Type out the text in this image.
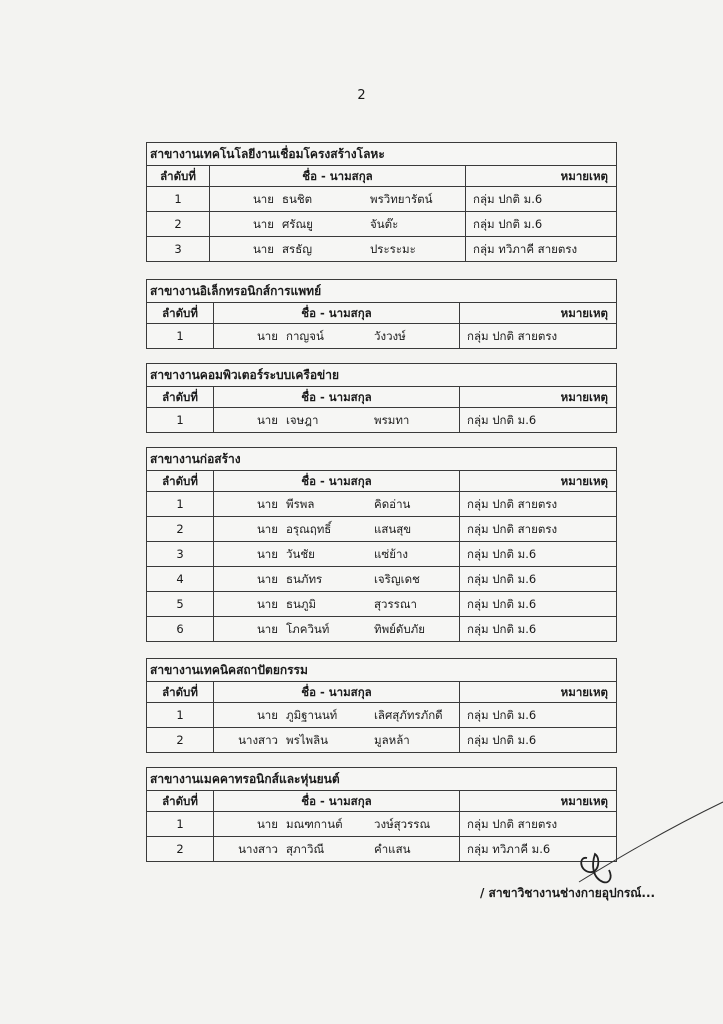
2
สาขางานเทคโนโลยีงานเชื่อมโครงสร้างโลหะ
ลำดับที่	ชื่อ - นามสกุล	หมายเหตุ
1	นาย ธนชิต	พรวิทยารัตน์	กลุ่ม ปกติ ม.6
2	นาย ศรัณยู	จันต๊ะ	กลุ่ม ปกติ ม.6
3	นาย สรธัญ	ประระมะ	กลุ่ม ทวิภาคี สายตรง
สาขางานอิเล็กทรอนิกส์การแพทย์
ลำดับที่	ชื่อ - นามสกุล	หมายเหตุ
1	นาย กาญจน์	วังวงษ์	กลุ่ม ปกติ สายตรง
สาขางานคอมพิวเตอร์ระบบเครือข่าย
ลำดับที่	ชื่อ - นามสกุล	หมายเหตุ
1	นาย เจษฎา	พรมทา	กลุ่ม ปกติ ม.6
สาขางานก่อสร้าง
ลำดับที่	ชื่อ - นามสกุล	หมายเหตุ
1	นาย พีรพล	คิดอ่าน	กลุ่ม ปกติ สายตรง
2	นาย อรุณฤทธิ์	แสนสุข	กลุ่ม ปกติ สายตรง
3	นาย วันชัย	แซ่ย้าง	กลุ่ม ปกติ ม.6
4	นาย ธนภัทร	เจริญเดช	กลุ่ม ปกติ ม.6
5	นาย ธนภูมิ	สุวรรณา	กลุ่ม ปกติ ม.6
6	นาย โภควินท์	ทิพย์ดับภัย	กลุ่ม ปกติ ม.6
สาขางานเทคนิคสถาปัตยกรรม
ลำดับที่	ชื่อ - นามสกุล	หมายเหตุ
1	นาย ภูมิฐานนท์	เลิศสุภัทรภักดี	กลุ่ม ปกติ ม.6
2	นางสาว พรไพลิน	มูลหล้า	กลุ่ม ปกติ ม.6
สาขางานเมคคาทรอนิกส์และหุ่นยนต์
ลำดับที่	ชื่อ - นามสกุล	หมายเหตุ
1	นาย มณฑกานต์	วงษ์สุวรรณ	กลุ่ม ปกติ สายตรง
2	นางสาว สุภาวิณี	คำแสน	กลุ่ม ทวิภาคี ม.6
/ สาขาวิชางานช่างกายอุปกรณ์...
